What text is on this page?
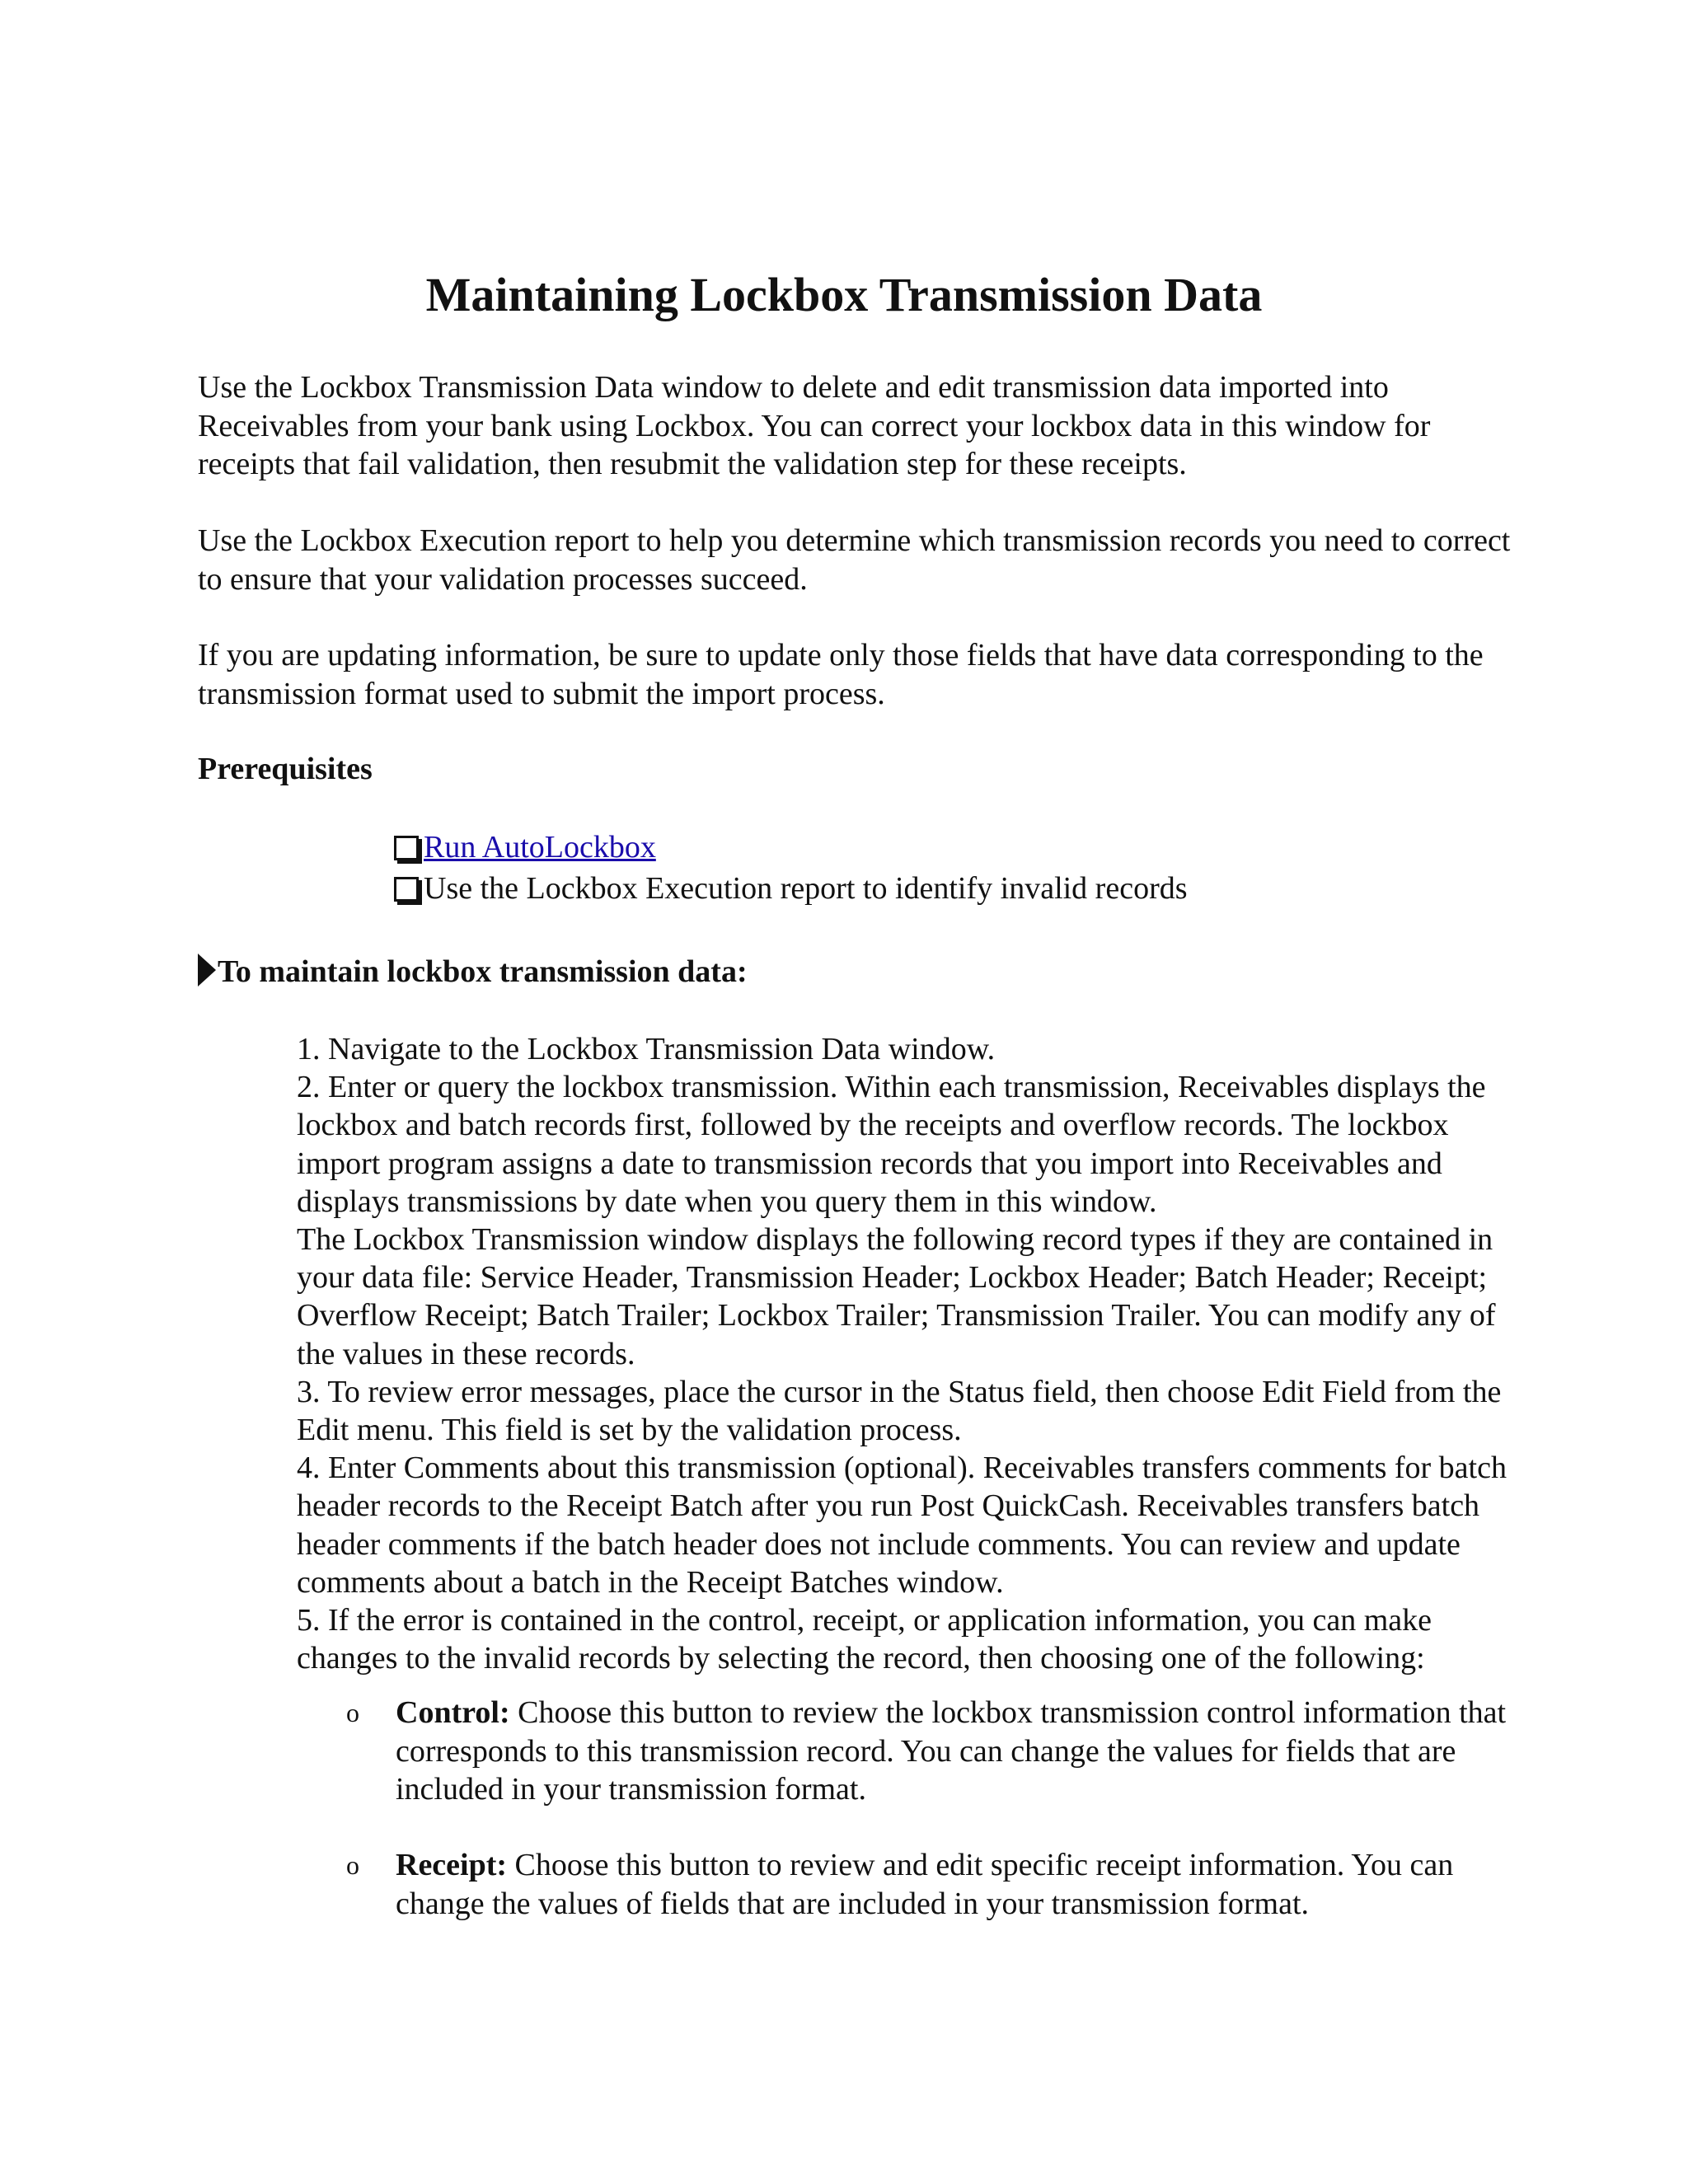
Maintaining Lockbox Transmission Data

Use the Lockbox Transmission Data window to delete and edit transmission data imported into Receivables from your bank using Lockbox. You can correct your lockbox data in this window for receipts that fail validation, then resubmit the validation step for these receipts.

Use the Lockbox Execution report to help you determine which transmission records you need to correct to ensure that your validation processes succeed.

If you are updating information, be sure to update only those fields that have data corresponding to the transmission format used to submit the import process.

Prerequisites
Run AutoLockbox
Use the Lockbox Execution report to identify invalid records
To maintain lockbox transmission data:
1. Navigate to the Lockbox Transmission Data window.
2. Enter or query the lockbox transmission. Within each transmission, Receivables displays the lockbox and batch records first, followed by the receipts and overflow records. The lockbox import program assigns a date to transmission records that you import into Receivables and displays transmissions by date when you query them in this window.
The Lockbox Transmission window displays the following record types if they are contained in your data file: Service Header, Transmission Header; Lockbox Header; Batch Header; Receipt; Overflow Receipt; Batch Trailer; Lockbox Trailer; Transmission Trailer. You can modify any of the values in these records.
3. To review error messages, place the cursor in the Status field, then choose Edit Field from the Edit menu. This field is set by the validation process.
4. Enter Comments about this transmission (optional). Receivables transfers comments for batch header records to the Receipt Batch after you run Post QuickCash. Receivables transfers batch header comments if the batch header does not include comments. You can review and update comments about a batch in the Receipt Batches window.
5. If the error is contained in the control, receipt, or application information, you can make changes to the invalid records by selecting the record, then choosing one of the following:
o Control: Choose this button to review the lockbox transmission control information that corresponds to this transmission record. You can change the values for fields that are included in your transmission format.
o Receipt: Choose this button to review and edit specific receipt information. You can change the values of fields that are included in your transmission format.
